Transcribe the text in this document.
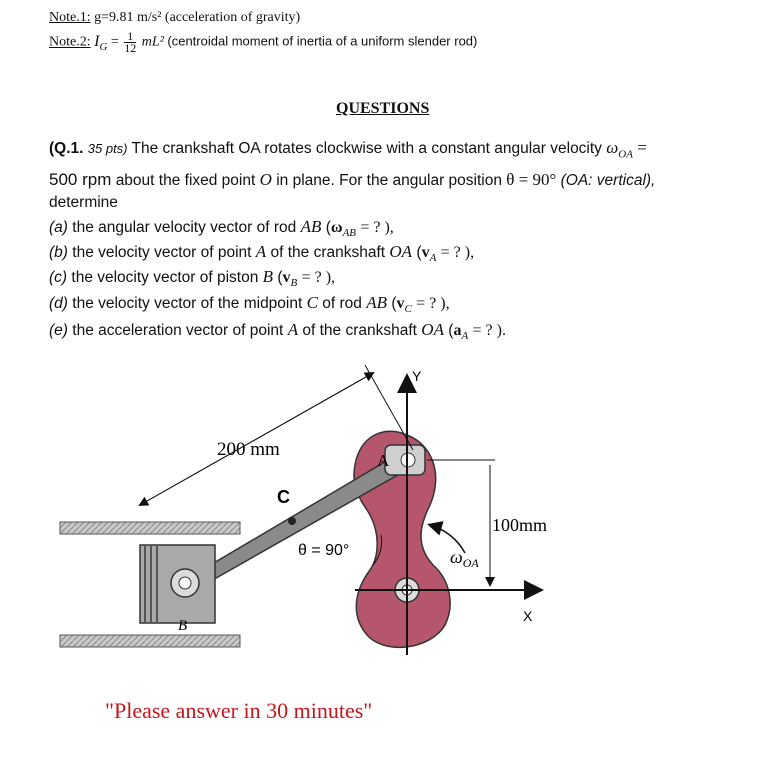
Note.1: g=9.81 m/s² (acceleration of gravity)
Note.2: $I_G = \frac{1}{12} mL^2$ (centroidal moment of inertia of a uniform slender rod)
QUESTIONS
(Q.1. 35 pts) The crankshaft OA rotates clockwise with a constant angular velocity $\omega_{OA}$ =
500 rpm about the fixed point O in plane. For the angular position θ = 90° (OA: vertical),
determine
(a) the angular velocity vector of rod AB ($\omega_{AB}$ = ? ),
(b) the velocity vector of point A of the crankshaft OA ($v_A$ = ? ),
(c) the velocity vector of piston B ($v_B$ = ? ),
(d) the velocity vector of the midpoint C of rod AB ($v_C$ = ? ),
(e) the acceleration vector of point A of the crankshaft OA ($a_A$ = ? ).
200 mm
C
θ = 90°
A
100mm
$\omega_{OA}$
Y
X
B
"Please answer in 30 minutes"
